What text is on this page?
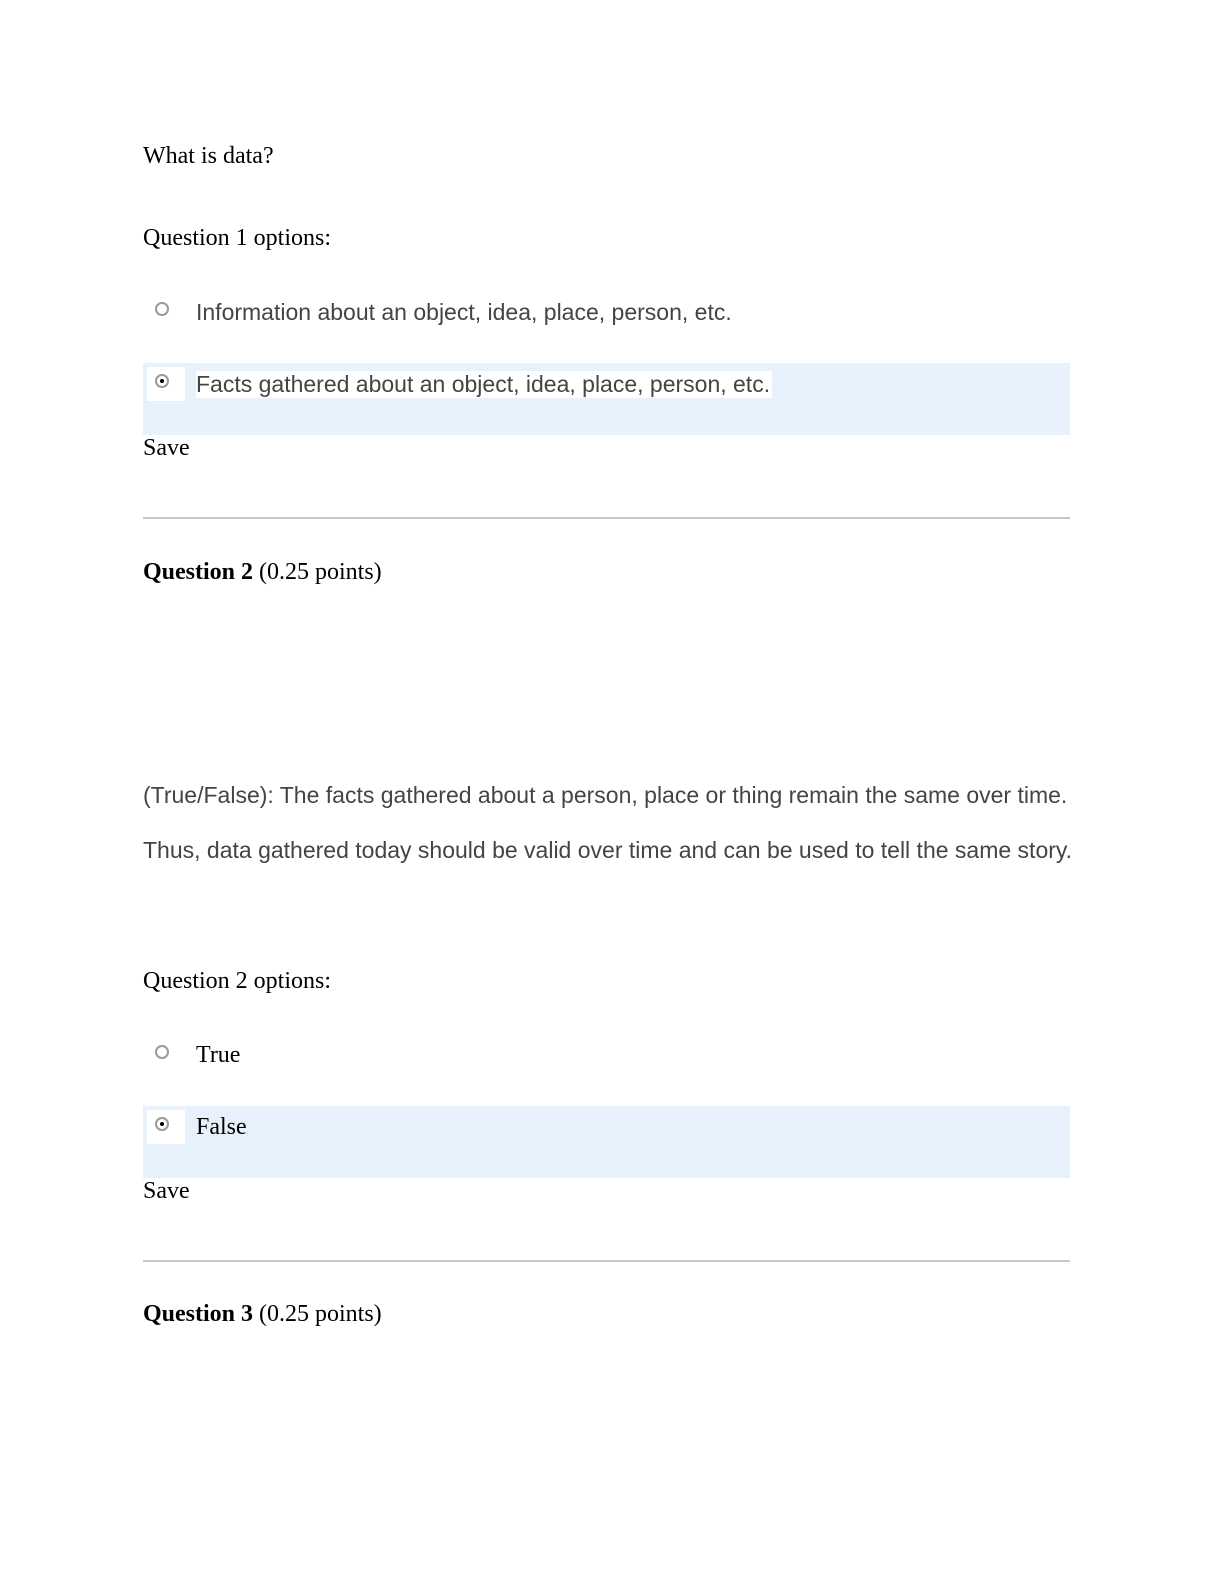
What is data?
Question 1 options:
Information about an object, idea, place, person, etc.
Facts gathered about an object, idea, place, person, etc.
Save
Question 2 (0.25 points)
(True/False): The facts gathered about a person, place or thing remain the same over time. Thus, data gathered today should be valid over time and can be used to tell the same story.
Question 2 options:
True
False
Save
Question 3 (0.25 points)
